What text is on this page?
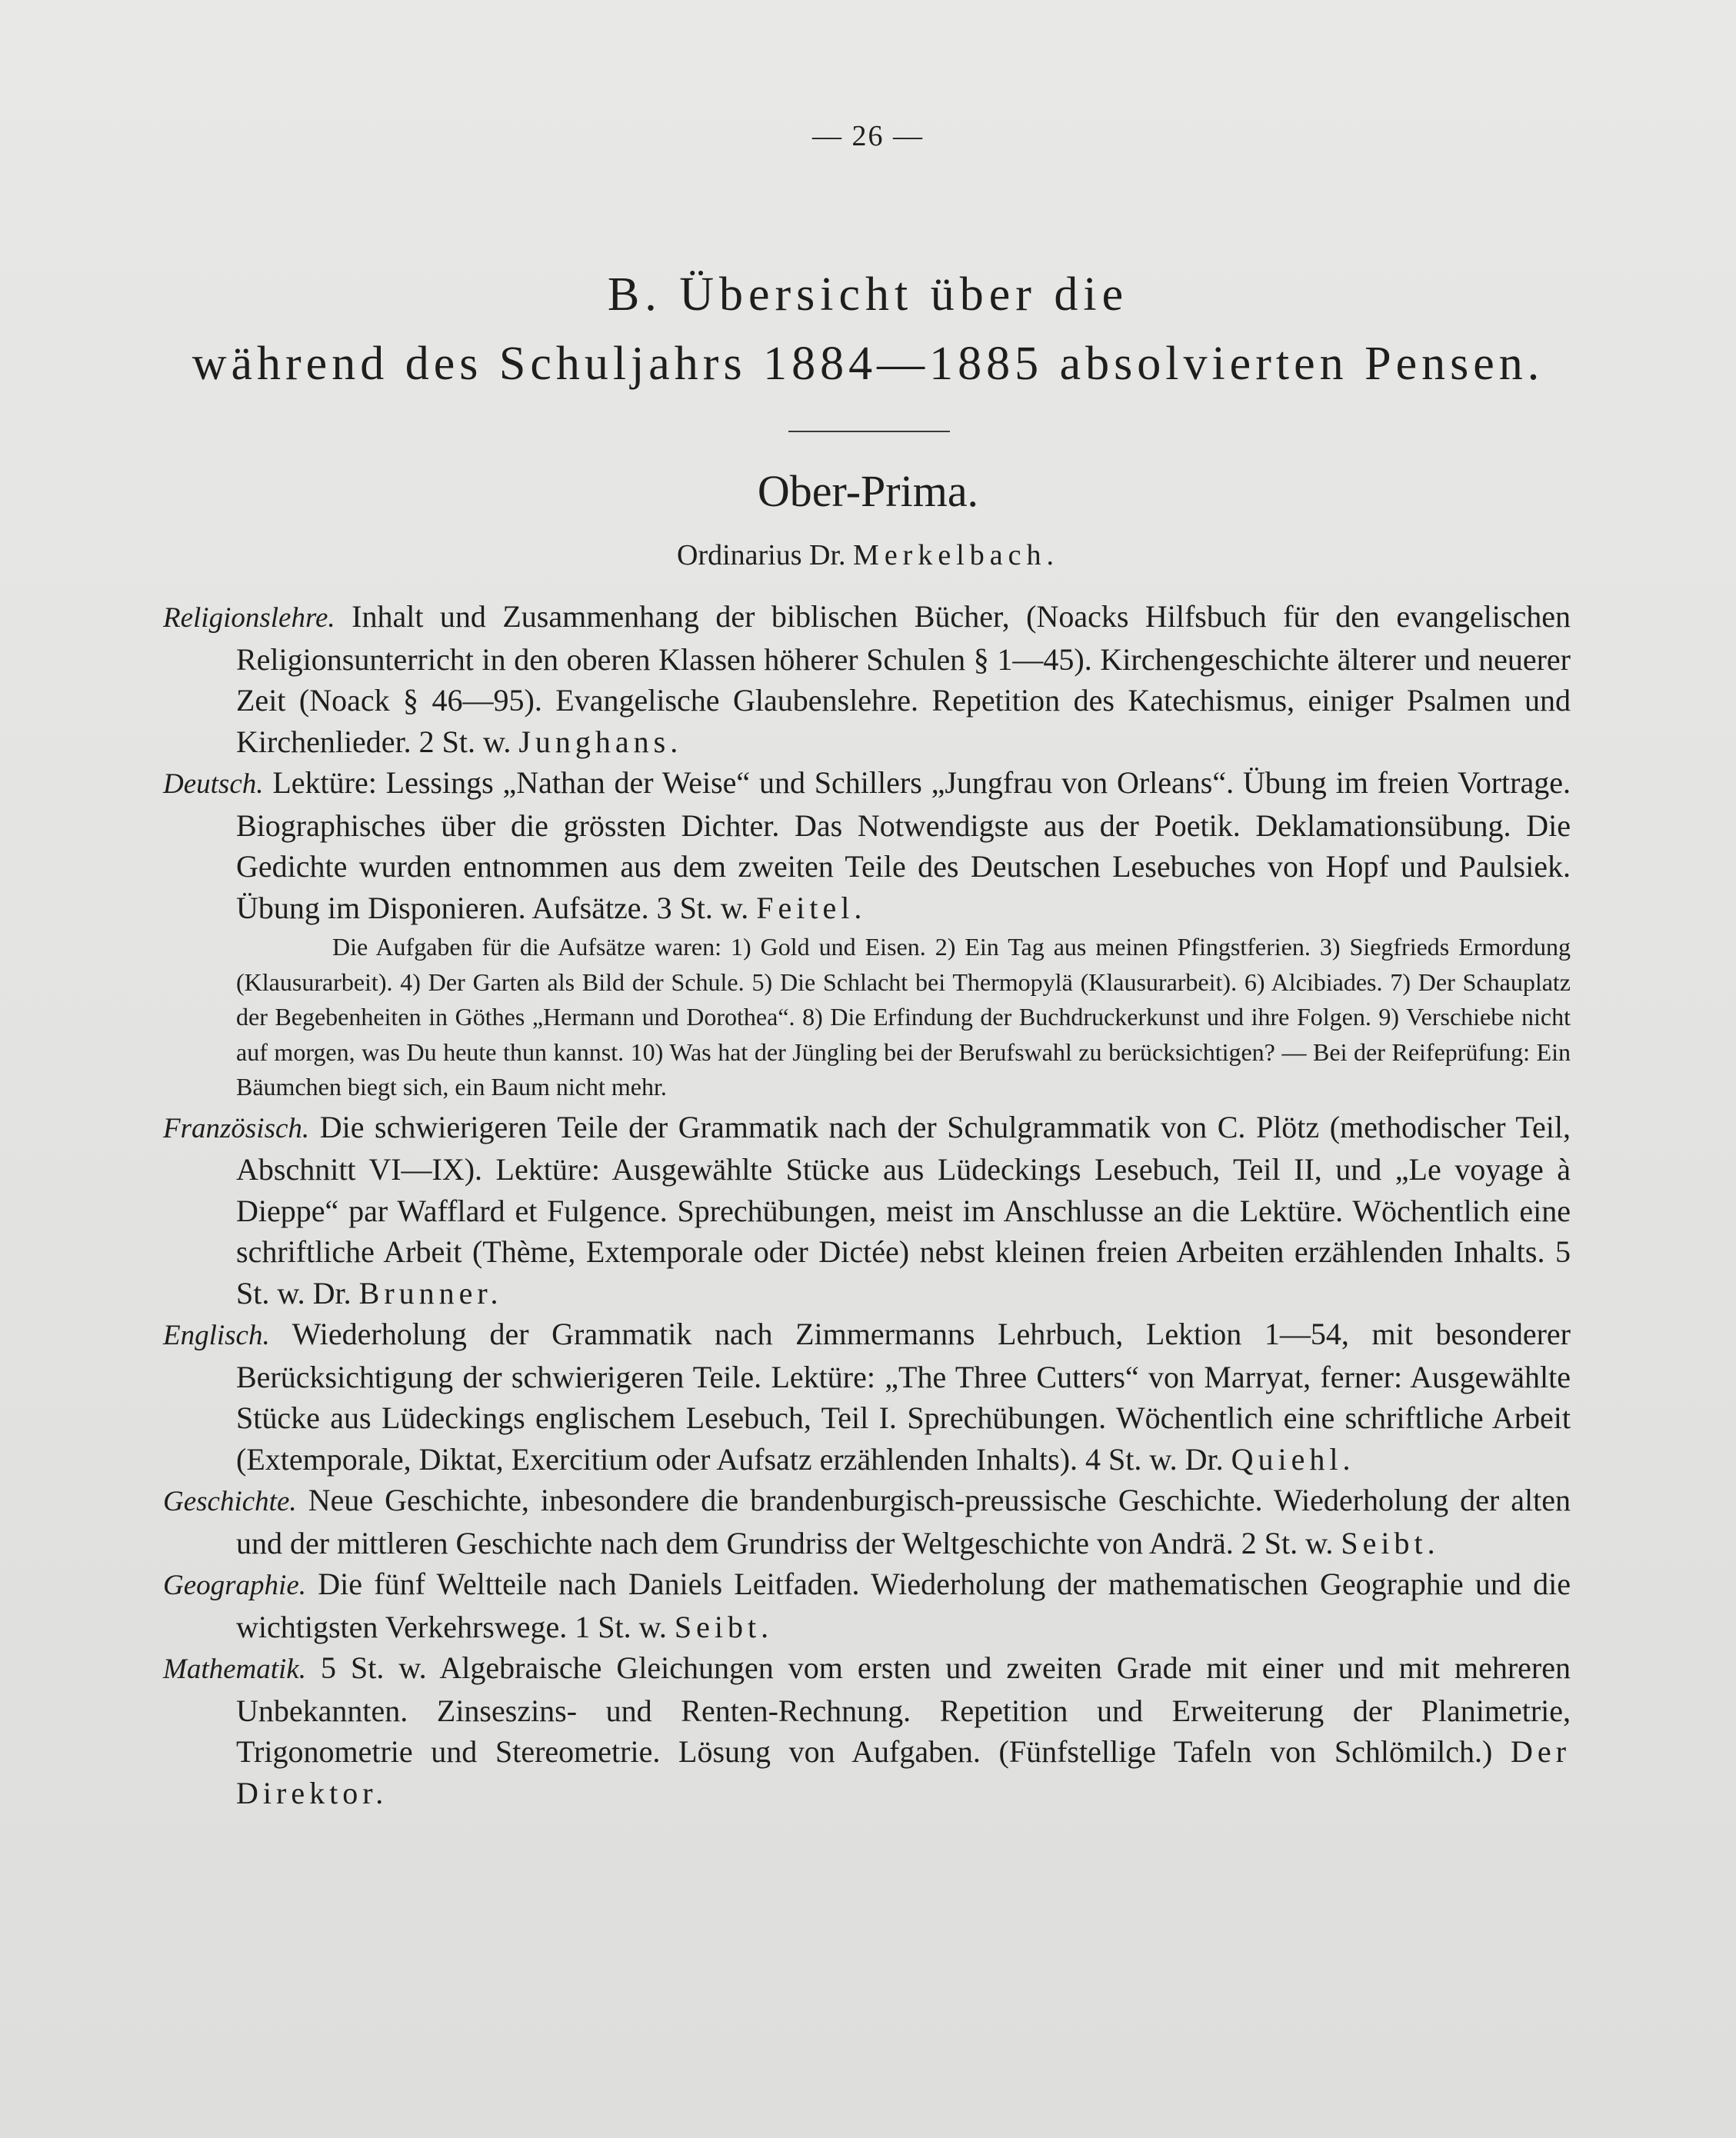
— 26 —
B. Übersicht über die
während des Schuljahrs 1884—1885 absolvierten Pensen.
Ober-Prima.
Ordinarius Dr. Merkelbach.
Religionslehre. Inhalt und Zusammenhang der biblischen Bücher, (Noacks Hilfsbuch für den evangelischen Religionsunterricht in den oberen Klassen höherer Schulen § 1—45). Kirchengeschichte älterer und neuerer Zeit (Noack § 46—95). Evangelische Glaubenslehre. Repetition des Katechismus, einiger Psalmen und Kirchenlieder. 2 St. w. Junghans.
Deutsch. Lektüre: Lessings „Nathan der Weise“ und Schillers „Jungfrau von Orleans“. Übung im freien Vortrage. Biographisches über die grössten Dichter. Das Notwendigste aus der Poetik. Deklamationsübung. Die Gedichte wurden entnommen aus dem zweiten Teile des Deutschen Lesebuches von Hopf und Paulsiek. Übung im Disponieren. Aufsätze. 3 St. w. Feitel.
Die Aufgaben für die Aufsätze waren: 1) Gold und Eisen. 2) Ein Tag aus meinen Pfingstferien. 3) Siegfrieds Ermordung (Klausurarbeit). 4) Der Garten als Bild der Schule. 5) Die Schlacht bei Thermopylä (Klausurarbeit). 6) Alcibiades. 7) Der Schauplatz der Begebenheiten in Göthes „Hermann und Dorothea“. 8) Die Erfindung der Buchdruckerkunst und ihre Folgen. 9) Verschiebe nicht auf morgen, was Du heute thun kannst. 10) Was hat der Jüngling bei der Berufswahl zu berücksichtigen? — Bei der Reifeprüfung: Ein Bäumchen biegt sich, ein Baum nicht mehr.
Französisch. Die schwierigeren Teile der Grammatik nach der Schulgrammatik von C. Plötz (methodischer Teil, Abschnitt VI—IX). Lektüre: Ausgewählte Stücke aus Lüdeckings Lesebuch, Teil II, und „Le voyage à Dieppe“ par Wafflard et Fulgence. Sprechübungen, meist im Anschlusse an die Lektüre. Wöchentlich eine schriftliche Arbeit (Thème, Extemporale oder Dictée) nebst kleinen freien Arbeiten erzählenden Inhalts. 5 St. w. Dr. Brunner.
Englisch. Wiederholung der Grammatik nach Zimmermanns Lehrbuch, Lektion 1—54, mit besonderer Berücksichtigung der schwierigeren Teile. Lektüre: „The Three Cutters“ von Marryat, ferner: Ausgewählte Stücke aus Lüdeckings englischem Lesebuch, Teil I. Sprechübungen. Wöchentlich eine schriftliche Arbeit (Extemporale, Diktat, Exercitium oder Aufsatz erzählenden Inhalts). 4 St. w. Dr. Quiehl.
Geschichte. Neue Geschichte, inbesondere die brandenburgisch-preussische Geschichte. Wiederholung der alten und der mittleren Geschichte nach dem Grundriss der Weltgeschichte von Andrä. 2 St. w. Seibt.
Geographie. Die fünf Weltteile nach Daniels Leitfaden. Wiederholung der mathematischen Geographie und die wichtigsten Verkehrswege. 1 St. w. Seibt.
Mathematik. 5 St. w. Algebraische Gleichungen vom ersten und zweiten Grade mit einer und mit mehreren Unbekannten. Zinseszins- und Renten-Rechnung. Repetition und Erweiterung der Planimetrie, Trigonometrie und Stereometrie. Lösung von Aufgaben. (Fünfstellige Tafeln von Schlömilch.) Der Direktor.
